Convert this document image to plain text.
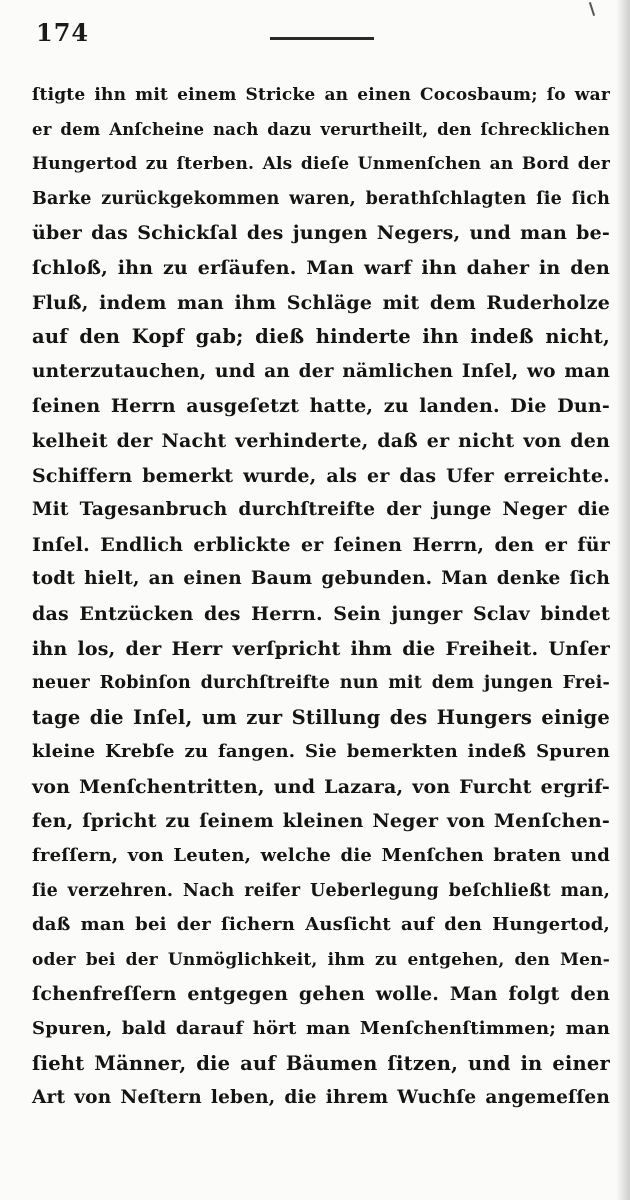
174
ſtigte ihn mit einem Stricke an einen Cocosbaum; ſo war
er dem Anſcheine nach dazu verurtheilt, den ſchrecklichen
Hungertod zu ſterben. Als dieſe Unmenſchen an Bord der
Barke zurückgekommen waren, berathſchlagten ſie ſich
über das Schickſal des jungen Negers, und man be-
ſchloß, ihn zu erſäufen. Man warf ihn daher in den
Fluß, indem man ihm Schläge mit dem Ruderholze
auf den Kopf gab; dieß hinderte ihn indeß nicht,
unterzutauchen, und an der nämlichen Inſel, wo man
ſeinen Herrn ausgeſetzt hatte, zu landen. Die Dun-
kelheit der Nacht verhinderte, daß er nicht von den
Schiffern bemerkt wurde, als er das Ufer erreichte.
Mit Tagesanbruch durchſtreifte der junge Neger die
Inſel. Endlich erblickte er ſeinen Herrn, den er für
todt hielt, an einen Baum gebunden. Man denke ſich
das Entzücken des Herrn. Sein junger Sclav bindet
ihn los, der Herr verſpricht ihm die Freiheit. Unſer
neuer Robinſon durchſtreifte nun mit dem jungen Frei-
tage die Inſel, um zur Stillung des Hungers einige
kleine Krebſe zu fangen. Sie bemerkten indeß Spuren
von Menſchentritten, und Lazara, von Furcht ergrif-
fen, ſpricht zu ſeinem kleinen Neger von Menſchen-
freſſern, von Leuten, welche die Menſchen braten und
ſie verzehren. Nach reifer Ueberlegung beſchließt man,
daß man bei der ſichern Ausſicht auf den Hungertod,
oder bei der Unmöglichkeit, ihm zu entgehen, den Men-
ſchenfreſſern entgegen gehen wolle. Man folgt den
Spuren, bald darauf hört man Menſchenſtimmen; man
ſieht Männer, die auf Bäumen ſitzen, und in einer
Art von Neſtern leben, die ihrem Wuchſe angemeſſen
